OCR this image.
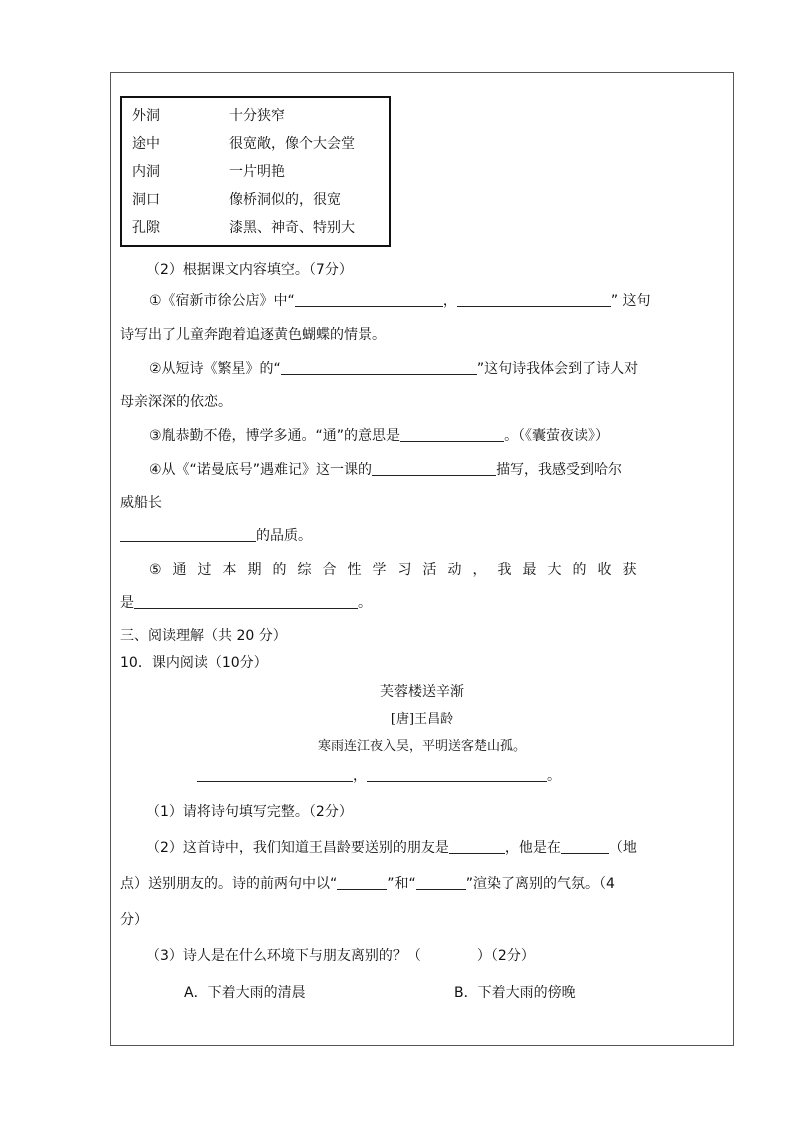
外洞	十分狭窄
途中	很宽敞，像个大会堂
内洞	一片明艳
洞口	像桥洞似的，很宽
孔隙	漆黑、神奇、特别大
（2）根据课文内容填空。（7分）
①《宿新市徐公店》中“	，	” 这句
诗写出了儿童奔跑着追逐黄色蝴蝶的情景。
②从短诗《繁星》的“	”这句诗我体会到了诗人对
母亲深深的依恋。
③胤恭勤不倦，博学多通。“通”的意思是	。（《囊萤夜读》）
④从《“诺曼底号”遇难记》这一课的	描写，我感受到哈尔
威船长
的品质。
⑤通过本期的综合性学习活动，我最大的收获
是	。
三、阅读理解（共 20 分）
10．课内阅读（10分）
芙蓉楼送辛渐
[唐]王昌龄
寒雨连江夜入吴，平明送客楚山孤。
，	。
（1）请将诗句填写完整。（2分）
（2）这首诗中，我们知道王昌龄要送别的朋友是	，他是在	（地
点）送别朋友的。诗的前两句中以“	”和“	”渲染了离别的气氛。（4
分）
（3）诗人是在什么环境下与朋友离别的？（　　　　）（2分）
A．下着大雨的清晨	B．下着大雨的傍晚
